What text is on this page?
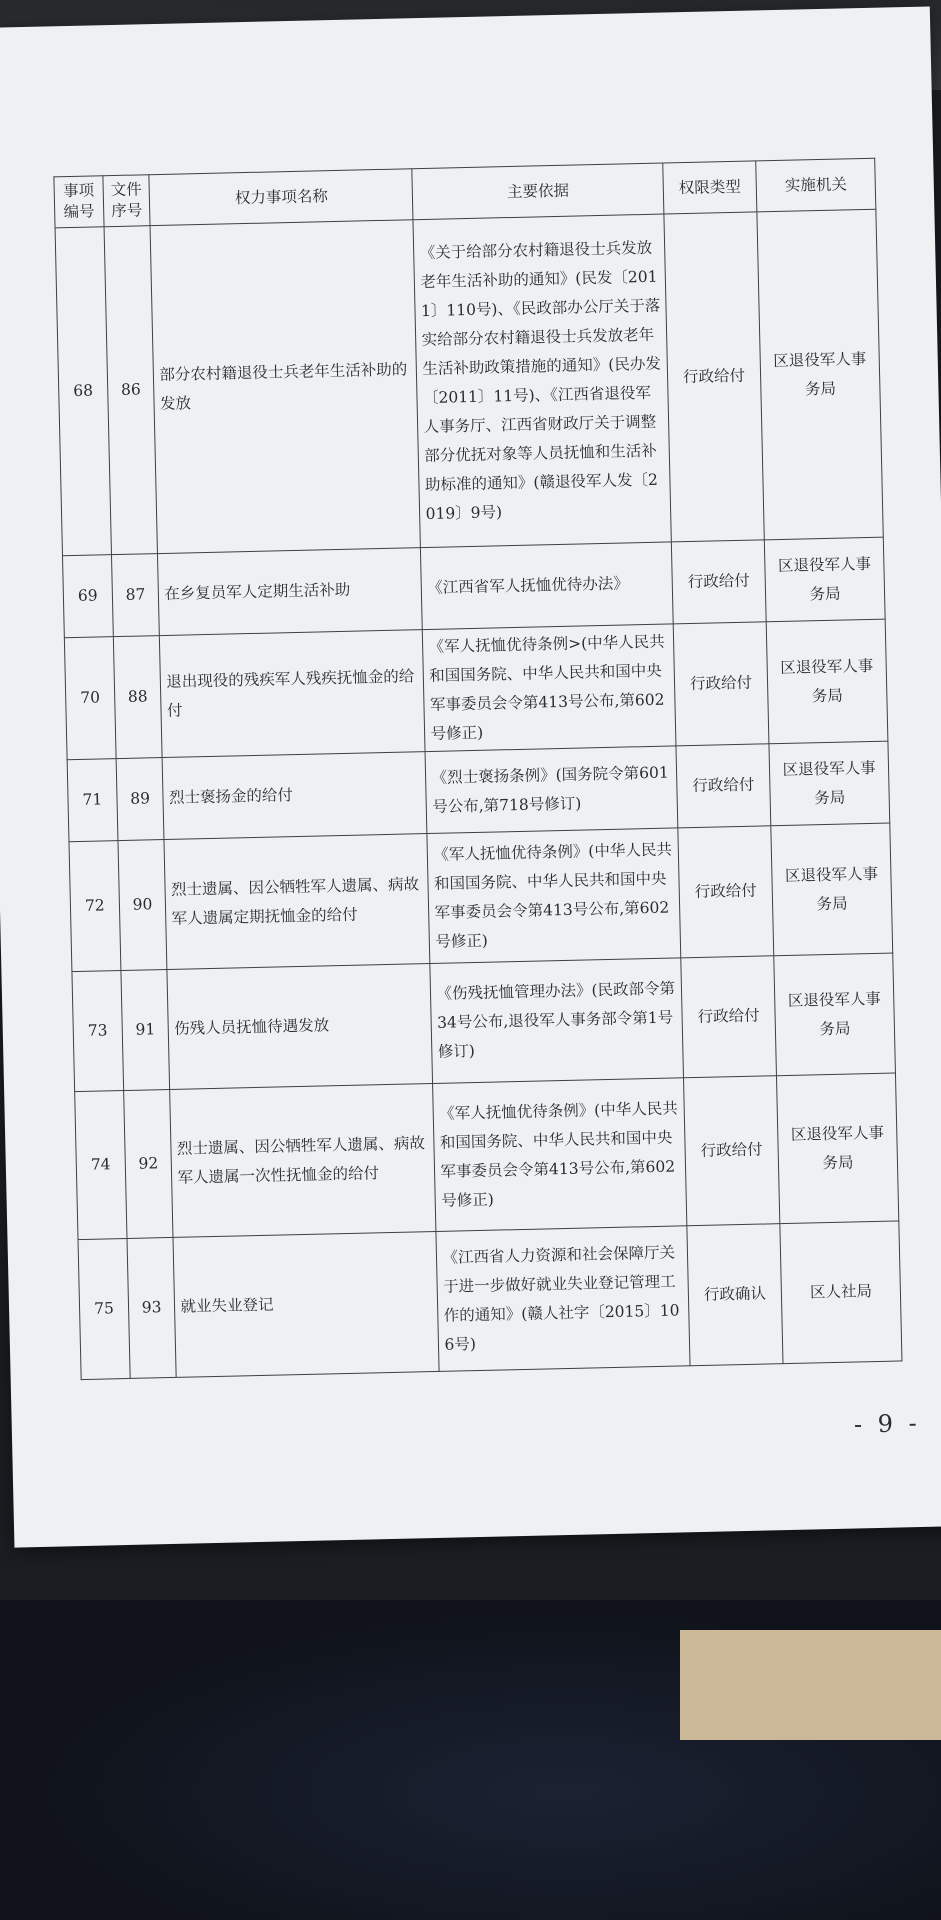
事项编号	文件序号	权力事项名称	主要依据	权限类型	实施机关
68	86	部分农村籍退役士兵老年生活补助的发放	《关于给部分农村籍退役士兵发放老年生活补助的通知》(民发〔2011〕110号)、《民政部办公厅关于落实给部分农村籍退役士兵发放老年生活补助政策措施的通知》(民办发〔2011〕11号)、《江西省退役军人事务厅、江西省财政厅关于调整部分优抚对象等人员抚恤和生活补助标准的通知》(赣退役军人发〔2019〕9号)	行政给付	区退役军人事务局
69	87	在乡复员军人定期生活补助	《江西省军人抚恤优待办法》	行政给付	区退役军人事务局
70	88	退出现役的残疾军人残疾抚恤金的给付	《军人抚恤优待条例>(中华人民共和国国务院、中华人民共和国中央军事委员会令第413号公布,第602号修正)	行政给付	区退役军人事务局
71	89	烈士褒扬金的给付	《烈士褒扬条例》(国务院令第601号公布,第718号修订)	行政给付	区退役军人事务局
72	90	烈士遗属、因公牺牲军人遗属、病故军人遗属定期抚恤金的给付	《军人抚恤优待条例》(中华人民共和国国务院、中华人民共和国中央军事委员会令第413号公布,第602号修正)	行政给付	区退役军人事务局
73	91	伤残人员抚恤待遇发放	《伤残抚恤管理办法》(民政部令第34号公布,退役军人事务部令第1号修订)	行政给付	区退役军人事务局
74	92	烈士遗属、因公牺牲军人遗属、病故军人遗属一次性抚恤金的给付	《军人抚恤优待条例》(中华人民共和国国务院、中华人民共和国中央军事委员会令第413号公布,第602号修正)	行政给付	区退役军人事务局
75	93	就业失业登记	《江西省人力资源和社会保障厅关于进一步做好就业失业登记管理工作的通知》(赣人社字〔2015〕106号)	行政确认	区人社局
- 9 -
